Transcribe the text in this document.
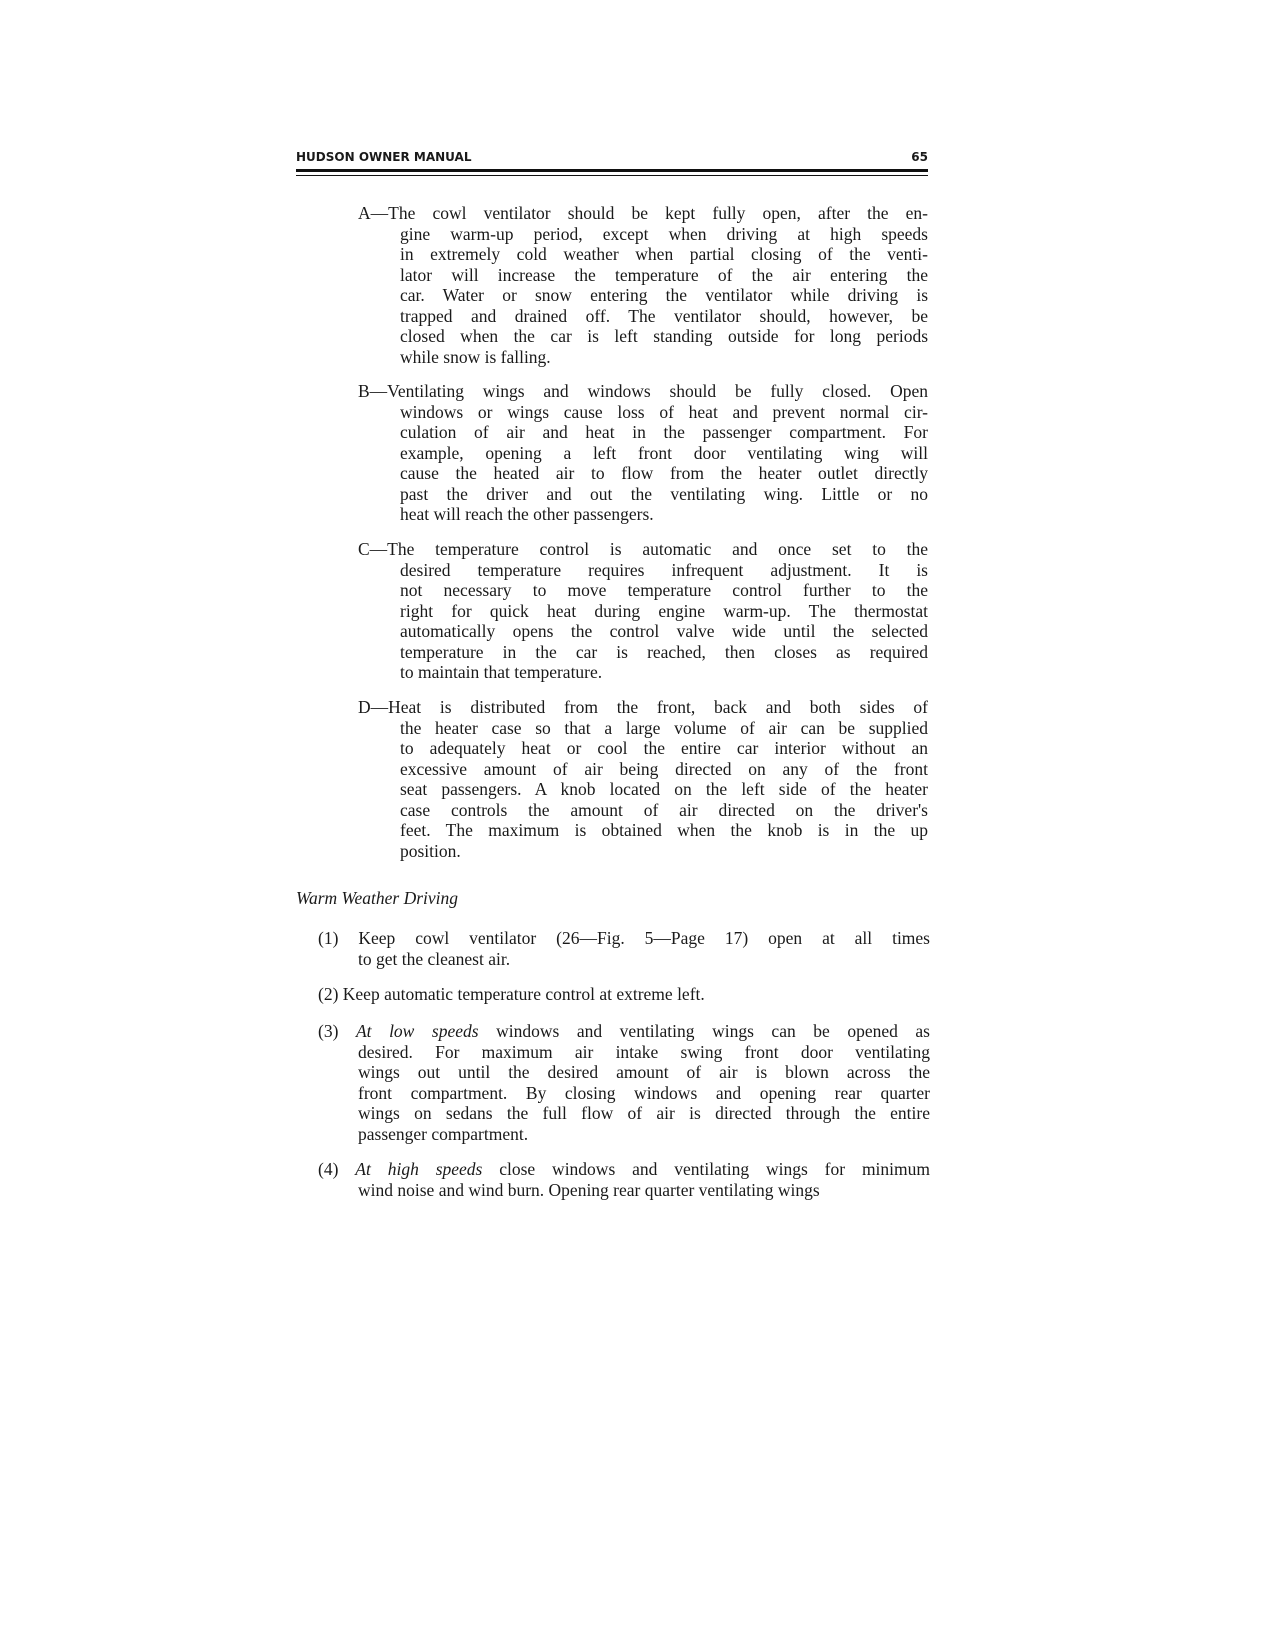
HUDSON OWNER MANUAL	65
A—The cowl ventilator should be kept fully open, after the en-
gine warm-up period, except when driving at high speeds
in extremely cold weather when partial closing of the venti-
lator will increase the temperature of the air entering the
car. Water or snow entering the ventilator while driving is
trapped and drained off. The ventilator should, however, be
closed when the car is left standing outside for long periods
while snow is falling.
B—Ventilating wings and windows should be fully closed. Open
windows or wings cause loss of heat and prevent normal cir-
culation of air and heat in the passenger compartment. For
example, opening a left front door ventilating wing will
cause the heated air to flow from the heater outlet directly
past the driver and out the ventilating wing. Little or no
heat will reach the other passengers.
C—The temperature control is automatic and once set to the
desired temperature requires infrequent adjustment. It is
not necessary to move temperature control further to the
right for quick heat during engine warm-up. The thermostat
automatically opens the control valve wide until the selected
temperature in the car is reached, then closes as required
to maintain that temperature.
D—Heat is distributed from the front, back and both sides of
the heater case so that a large volume of air can be supplied
to adequately heat or cool the entire car interior without an
excessive amount of air being directed on any of the front
seat passengers. A knob located on the left side of the heater
case controls the amount of air directed on the driver's
feet. The maximum is obtained when the knob is in the up
position.
Warm Weather Driving
(1) Keep cowl ventilator (26—Fig. 5—Page 17) open at all times
to get the cleanest air.
(2) Keep automatic temperature control at extreme left.
(3) At low speeds windows and ventilating wings can be opened as
desired. For maximum air intake swing front door ventilating
wings out until the desired amount of air is blown across the
front compartment. By closing windows and opening rear quarter
wings on sedans the full flow of air is directed through the entire
passenger compartment.
(4) At high speeds close windows and ventilating wings for minimum
wind noise and wind burn. Opening rear quarter ventilating wings
